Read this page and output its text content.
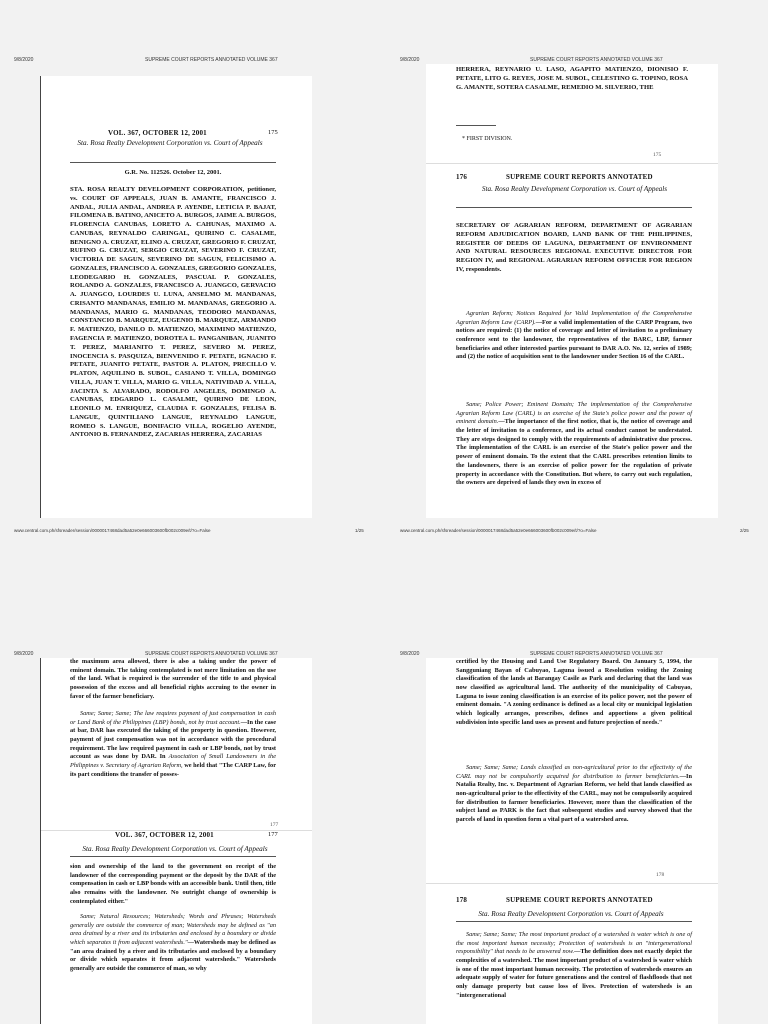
9/8/2020	SUPREME COURT REPORTS ANNOTATED VOLUME 367
VOL. 367, OCTOBER 12, 2001	175
Sta. Rosa Realty Development Corporation vs. Court of Appeals
G.R. No. 112526. October 12, 2001.

STA. ROSA REALTY DEVELOPMENT CORPORATION, petitioner, vs. COURT OF APPEALS, JUAN B. AMANTE, FRANCISCO J. ANDAL, JULIA ANDAL, ANDREA P. AYENDE, LETICIA P. BAJAT, FILOMENA B. BATINO, ANICETO A. BURGOS, JAIME A. BURGOS, FLORENCIA CANUBAS, LORETO A. CAHUNAS, MAXIMO A. CANUBAS, REYNALDO CARINGAL, QUIRINO C. CASALME, BENIGNO A. CRUZAT, ELINO A. CRUZAT, GREGORIO F. CRUZAT, RUFINO G. CRUZAT, SERGIO CRUZAT, SEVERINO F. CRUZAT, VICTORIA DE SAGUN, SEVERINO DE SAGUN, FELICISIMO A. GONZALES, FRANCISCO A. GONZALES, GREGORIO GONZALES, LEODEGARIO H. GONZALES, PASCUAL P. GONZALES, ROLANDO A. GONZALES, FRANCISCO A. JUANGCO, GERVACIO A. JUANGCO, LOURDES U. LUNA, ANSELMO M. MANDANAS, CRISANTO MANDANAS, EMILIO M. MANDANAS, GREGORIO A. MANDANAS, MARIO G. MANDANAS, TEODORO MANDANAS, CONSTANCIO B. MARQUEZ, EUGENIO B. MARQUEZ, ARMANDO F. MATIENZO, DANILO D. MATIENZO, MAXIMINO MATIENZO, FAGENCIA P. MATIENZO, DOROTEA L. PANGANIBAN, JUANITO T. PEREZ, MARIANITO T. PEREZ, SEVERO M. PEREZ, INOCENCIA S. PASQUIZA, BIENVENIDO F. PETATE, IGNACIO F. PETATE, JUANITO PETATE, PASTOR A. PLATON, PRECILLO V. PLATON, AQUILINO B. SUBOL, CASIANO T. VILLA, DOMINGO VILLA, JUAN T. VILLA, MARIO G. VILLA, NATIVIDAD A. VILLA, JACINTA S. ALVARADO, RODOLFO ANGELES, DOMINGO A. CANUBAS, EDGARDO L. CASALME, QUIRINO DE LEON, LEONILO M. ENRIQUEZ, CLAUDIA F. GONZALES, FELISA B. LANGUE, QUINTILIANO LANGUE, REYNALDO LANGUE, ROMEO S. LANGUE, BONIFACIO VILLA, ROGELIO AYENDE, ANTONIO B. FERNANDEZ, ZACARIAS HERRERA, ZACARIAS

www.central.com.ph/sfsreader/session/0000017468dad5a52e0e666003600fb002c009e/t/?o=False	1/25
9/8/2020	SUPREME COURT REPORTS ANNOTATED VOLUME 367

HERRERA, REYNARIO U. LASO, AGAPITO MATIENZO, DIONISIO F. PETATE, LITO G. REYES, JOSE M. SUBOL, CELESTINO G. TOPINO, ROSA G. AMANTE, SOTERA CASALME, REMEDIO M. SILVERIO, THE

* FIRST DIVISION.
175
176	SUPREME COURT REPORTS ANNOTATED
Sta. Rosa Realty Development Corporation vs. Court of Appeals

SECRETARY OF AGRARIAN REFORM, DEPARTMENT OF AGRARIAN REFORM ADJUDICATION BOARD, LAND BANK OF THE PHILIPPINES, REGISTER OF DEEDS OF LAGUNA, DEPARTMENT OF ENVIRONMENT AND NATURAL RESOURCES REGIONAL EXECUTIVE DIRECTOR FOR REGION IV, and REGIONAL AGRARIAN REFORM OFFICER FOR REGION IV, respondents.

Agrarian Reform; Notices Required for Valid Implementation of the Comprehensive Agrarian Reform Law (CARP).—For a valid implementation of the CARP Program, two notices are required: (1) the notice of coverage and letter of invitation to a preliminary conference sent to the landowner, the representatives of the BARC, LBP, farmer beneficiaries and other interested parties pursuant to DAR A.O. No. 12, series of 1989; and (2) the notice of acquisition sent to the landowner under Section 16 of the CARL.

Same; Police Power; Eminent Domain; The implementation of the Comprehensive Agrarian Reform Law (CARL) is an exercise of the State's police power and the power of eminent domain.—The importance of the first notice, that is, the notice of coverage and the letter of invitation to a conference, and its actual conduct cannot be understated. They are steps designed to comply with the requirements of administrative due process. The implementation of the CARL is an exercise of the State's police power and the power of eminent domain. To the extent that the CARL prescribes retention limits to the landowners, there is an exercise of police power for the regulation of private property in accordance with the Constitution. But where, to carry out such regulation, the owners are deprived of lands they own in excess of

www.central.com.ph/sfsreader/session/0000017468dad5a52e0e666003600fb002c009e/t/?o=False	2/25
9/8/2020	SUPREME COURT REPORTS ANNOTATED VOLUME 367

the maximum area allowed, there is also a taking under the power of eminent domain. The taking contemplated is not mere limitation on the use of the land. What is required is the surrender of the title to and physical possession of the excess and all beneficial rights accruing to the owner in favor of the farmer beneficiary.

Same; Same; Same; The law requires payment of just compensation in cash or Land Bank of the Philippines (LBP) bonds, not by trust account.—In the case at bar, DAR has executed the taking of the property in question. However, payment of just compensation was not in accordance with the procedural requirement. The law required payment in cash or LBP bonds, not by trust account as was done by DAR. In Association of Small Landowners in the Philippines v. Secretary of Agrarian Reform, we held that "The CARP Law, for its part conditions the transfer of posses-

177
VOL. 367, OCTOBER 12, 2001	177
Sta. Rosa Realty Development Corporation vs. Court of Appeals

sion and ownership of the land to the government on receipt of the landowner of the corresponding payment or the deposit by the DAR of the compensation in cash or LBP bonds with an accessible bank. Until then, title also remains with the landowner. No outright change of ownership is contemplated either."

Same; Natural Resources; Watersheds; Words and Phrases; Watersheds generally are outside the commerce of man; Watersheds may be defined as "an area drained by a river and its tributaries and enclosed by a boundary or divide which separates it from adjacent watersheds."—Watersheds may be defined as "an area drained by a river and its tributaries and enclosed by a boundary or divide which separates it from adjacent watersheds." Watersheds generally are outside the commerce of man, so why

9/8/2020	SUPREME COURT REPORTS ANNOTATED VOLUME 367

certified by the Housing and Land Use Regulatory Board. On January 5, 1994, the Sangguniang Bayan of Cabuyao, Laguna issued a Resolution voiding the Zoning classification of the lands at Barangay Casile as Park and declaring that the land was now classified as agricultural land. The authority of the municipality of Cabuyao, Laguna to issue zoning classification is an exercise of its police power, not the power of eminent domain. "A zoning ordinance is defined as a local city or municipal legislation which logically arranges, prescribes, defines and apportions a given political subdivision into specific land uses as present and future projection of needs."

Same; Same; Same; Lands classified as non-agricultural prior to the effectivity of the CARL may not be compulsorily acquired for distribution to farmer beneficiaries.—In Natalia Realty, Inc. v. Department of Agrarian Reform, we held that lands classified as non-agricultural prior to the effectivity of the CARL, may not be compulsorily acquired for distribution to farmer beneficiaries. However, more than the classification of the subject land as PARK is the fact that subsequent studies and survey showed that the parcels of land in question form a vital part of a watershed area.

178
178	SUPREME COURT REPORTS ANNOTATED
Sta. Rosa Realty Development Corporation vs. Court of Appeals

Same; Same; Same; The most important product of a watershed is water which is one of the most important human necessity; Protection of watersheds is an "intergenerational responsibility" that needs to be answered now.—The definition does not exactly depict the complexities of a watershed. The most important product of a watershed is water which is one of the most important human necessity. The protection of watersheds ensures an adequate supply of water for future generations and the control of flashfloods that not only damage property but cause loss of lives. Protection of watersheds is an "intergenerational
